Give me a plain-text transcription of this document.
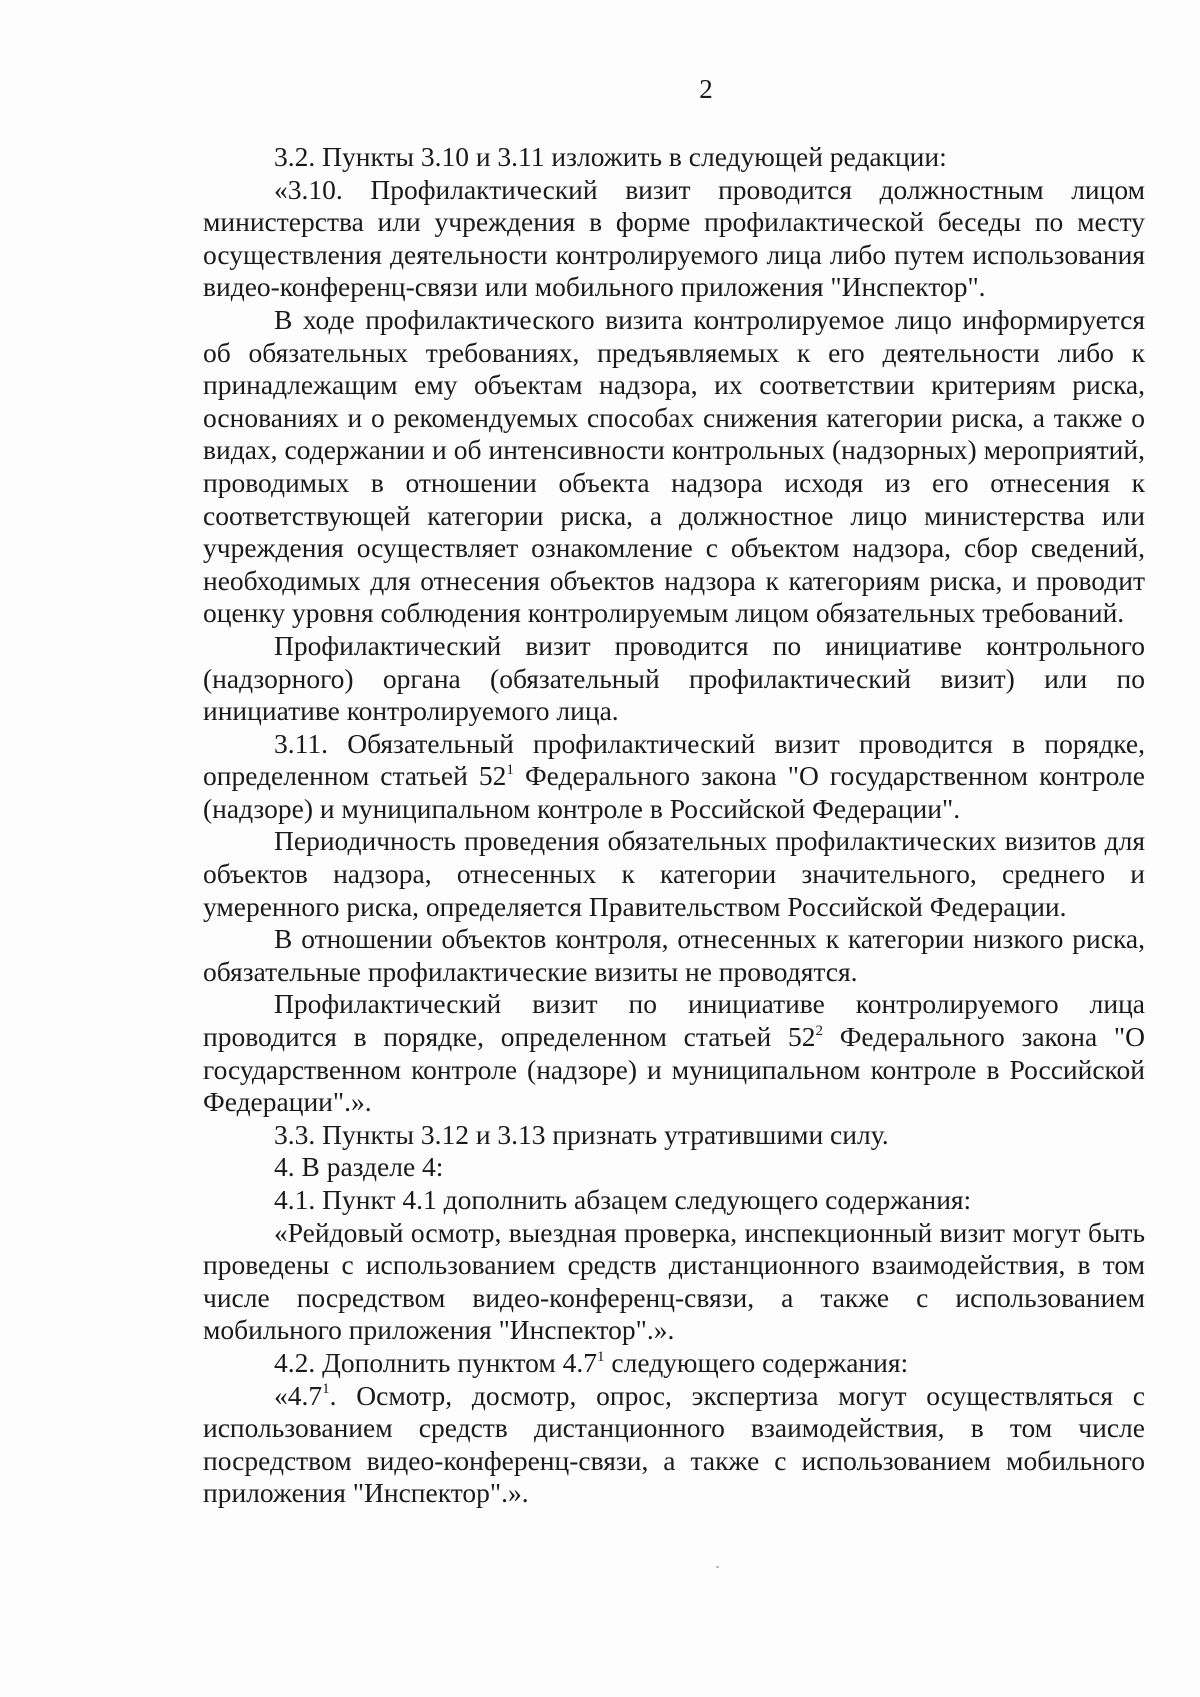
2

3.2. Пункты 3.10 и 3.11 изложить в следующей редакции:

«3.10. Профилактический визит проводится должностным лицом министерства или учреждения в форме профилактической беседы по месту осуществления деятельности контролируемого лица либо путем использования видео-конференц-связи или мобильного приложения "Инспектор".

В ходе профилактического визита контролируемое лицо информируется об обязательных требованиях, предъявляемых к его деятельности либо к принадлежащим ему объектам надзора, их соответствии критериям риска, основаниях и о рекомендуемых способах снижения категории риска, а также о видах, содержании и об интенсивности контрольных (надзорных) мероприятий, проводимых в отношении объекта надзора исходя из его отнесения к соответствующей категории риска, а должностное лицо министерства или учреждения осуществляет ознакомление с объектом надзора, сбор сведений, необходимых для отнесения объектов надзора к категориям риска, и проводит оценку уровня соблюдения контролируемым лицом обязательных требований.

Профилактический визит проводится по инициативе контрольного (надзорного) органа (обязательный профилактический визит) или по инициативе контролируемого лица.

3.11. Обязательный профилактический визит проводится в порядке, определенном статьей $52^1$ Федерального закона "О государственном контроле (надзоре) и муниципальном контроле в Российской Федерации".

Периодичность проведения обязательных профилактических визитов для объектов надзора, отнесенных к категории значительного, среднего и умеренного риска, определяется Правительством Российской Федерации.

В отношении объектов контроля, отнесенных к категории низкого риска, обязательные профилактические визиты не проводятся.

Профилактический визит по инициативе контролируемого лица проводится в порядке, определенном статьей $52^2$ Федерального закона "О государственном контроле (надзоре) и муниципальном контроле в Российской Федерации".».

3.3. Пункты 3.12 и 3.13 признать утратившими силу.

4. В разделе 4:

4.1. Пункт 4.1 дополнить абзацем следующего содержания:

«Рейдовый осмотр, выездная проверка, инспекционный визит могут быть проведены с использованием средств дистанционного взаимодействия, в том числе посредством видео-конференц-связи, а также с использованием мобильного приложения "Инспектор".».

4.2. Дополнить пунктом $4.7^1$ следующего содержания:

«$4.7^1$. Осмотр, досмотр, опрос, экспертиза могут осуществляться с использованием средств дистанционного взаимодействия, в том числе посредством видео-конференц-связи, а также с использованием мобильного приложения "Инспектор".».
